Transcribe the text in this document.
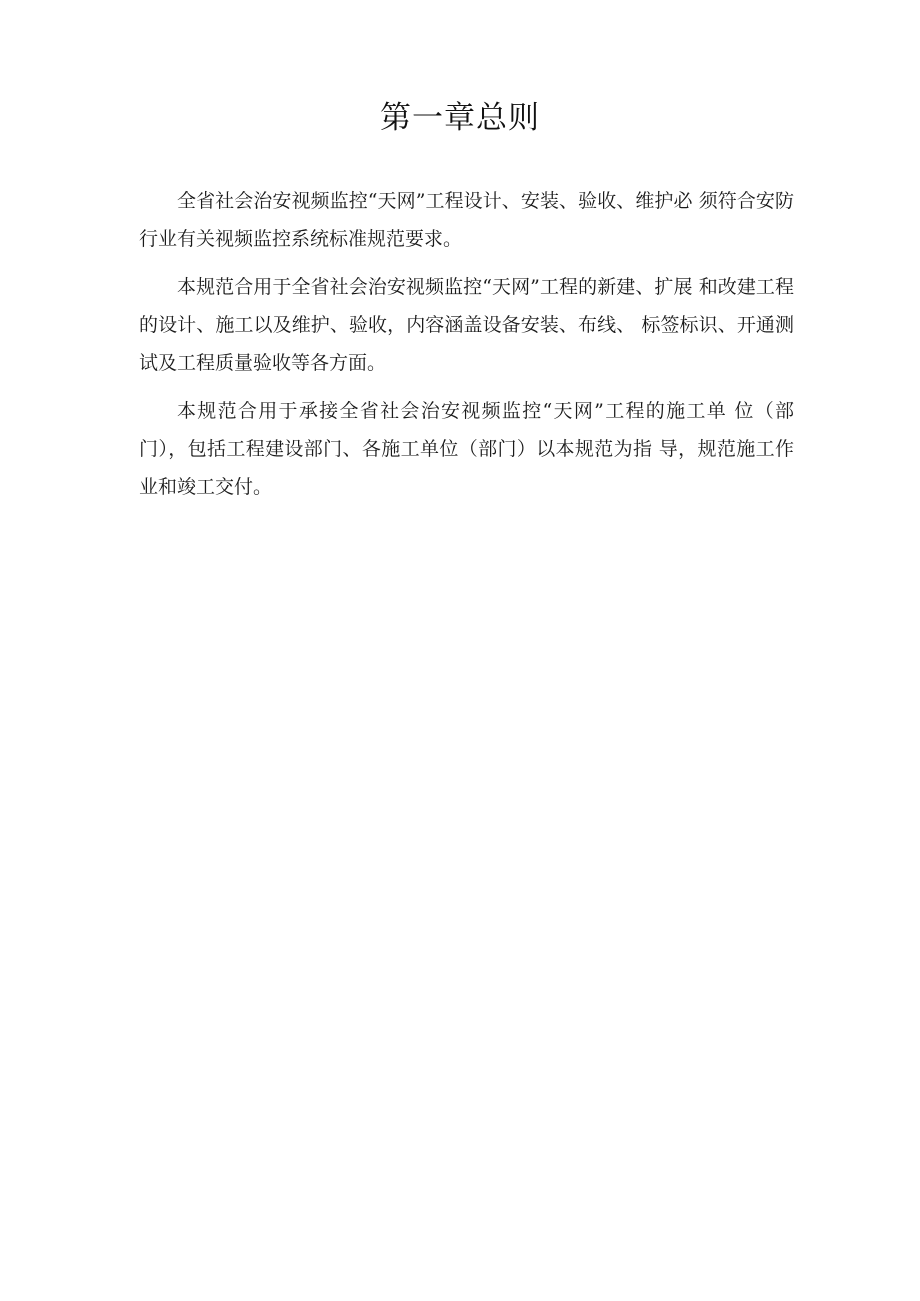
第一章总则

全省社会治安视频监控“天网”工程设计、安装、验收、维护必 须符合安防行业有关视频监控系统标准规范要求。

本规范合用于全省社会治安视频监控“天网”工程的新建、扩展 和改建工程的设计、施工以及维护、验收，内容涵盖设备安装、布线、 标签标识、开通测试及工程质量验收等各方面。

本规范合用于承接全省社会治安视频监控“天网”工程的施工单 位（部门），包括工程建设部门、各施工单位（部门）以本规范为指 导，规范施工作业和竣工交付。
